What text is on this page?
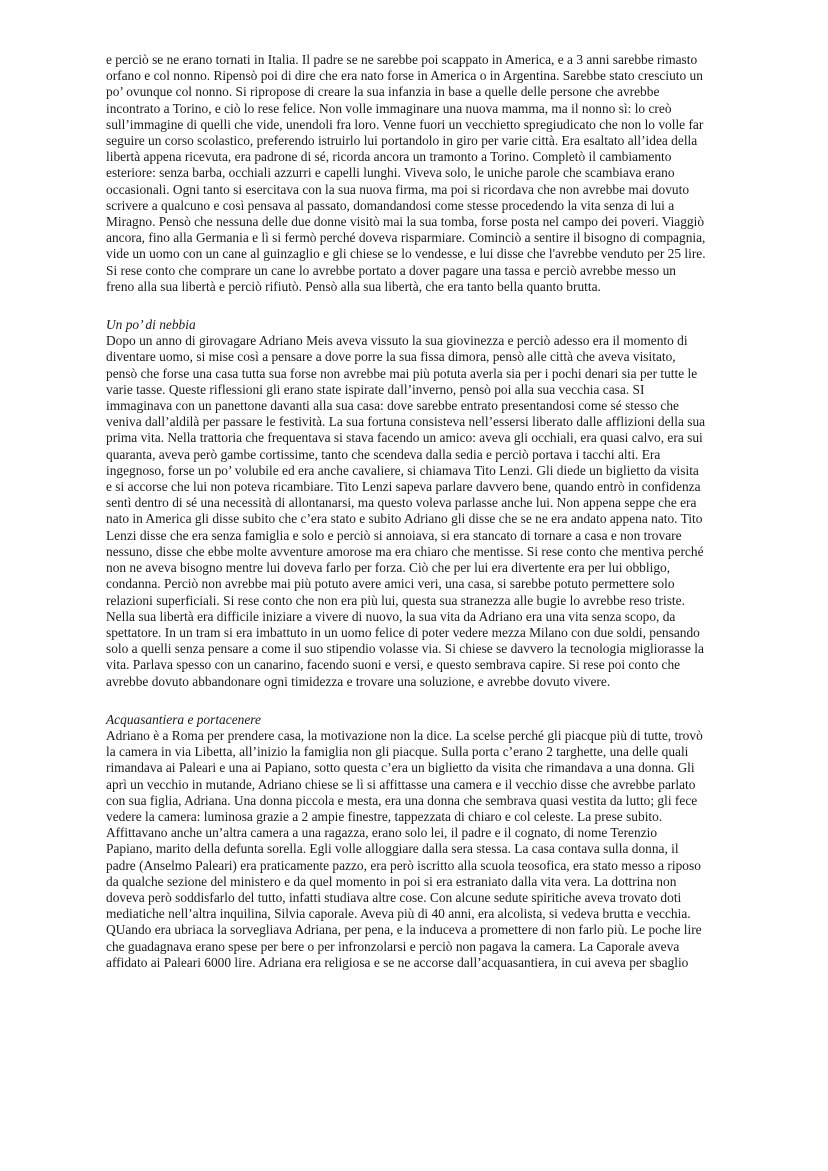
e perciò se ne erano tornati in Italia. Il padre se ne sarebbe poi scappato in America, e a 3 anni sarebbe rimasto orfano e col nonno. Ripensò poi di dire che era nato forse in America o in Argentina. Sarebbe stato cresciuto un po’ ovunque col nonno. Si ripropose di creare la sua infanzia in base a quelle delle persone che avrebbe incontrato a Torino, e ciò lo rese felice. Non volle immaginare una nuova mamma, ma il nonno sì: lo creò sull’immagine di quelli che vide, unendoli fra loro. Venne fuori un vecchietto spregiudicato che non lo volle far seguire un corso scolastico, preferendo istruirlo lui portandolo in giro per varie città. Era esaltato all’idea della libertà appena ricevuta, era padrone di sé, ricorda ancora un tramonto a Torino. Completò il cambiamento esteriore: senza barba, occhiali azzurri e capelli lunghi. Viveva solo, le uniche parole che scambiava erano occasionali. Ogni tanto si esercitava con la sua nuova firma, ma poi si ricordava che non avrebbe mai dovuto scrivere a qualcuno e così pensava al passato, domandandosi come stesse procedendo la vita senza di lui a Miragno. Pensò che nessuna delle due donne visitò mai la sua tomba, forse posta nel campo dei poveri. Viaggiò ancora, fino alla Germania e lì si fermò perché doveva risparmiare. Cominciò a sentire il bisogno di compagnia, vide un uomo con un cane al guinzaglio e gli chiese se lo vendesse, e lui disse che l'avrebbe venduto per 25 lire. Si rese conto che comprare un cane lo avrebbe portato a dover pagare una tassa e perciò avrebbe messo un freno alla sua libertà e perciò rifiutò. Pensò alla sua libertà, che era tanto bella quanto brutta.

Un po’ di nebbia

Dopo un anno di girovagare Adriano Meis aveva vissuto la sua giovinezza e perciò adesso era il momento di diventare uomo, si mise così a pensare a dove porre la sua fissa dimora, pensò alle città che aveva visitato, pensò che forse una casa tutta sua forse non avrebbe mai più potuta averla sia per i pochi denari sia per tutte le varie tasse. Queste riflessioni gli erano state ispirate dall’inverno, pensò poi alla sua vecchia casa. SI immaginava con un panettone davanti alla sua casa: dove sarebbe entrato presentandosi come sé stesso che veniva dall’aldilà per passare le festività. La sua fortuna consisteva nell’essersi liberato dalle afflizioni della sua prima vita. Nella trattoria che frequentava si stava facendo un amico: aveva gli occhiali, era quasi calvo, era sui quaranta, aveva però gambe cortissime, tanto che scendeva dalla sedia e perciò portava i tacchi alti. Era ingegnoso, forse un po’ volubile ed era anche cavaliere, si chiamava Tito Lenzi. Gli diede un biglietto da visita e si accorse che lui non poteva ricambiare. Tito Lenzi sapeva parlare davvero bene, quando entrò in confidenza sentì dentro di sé una necessità di allontanarsi, ma questo voleva parlasse anche lui. Non appena seppe che era nato in America gli disse subito che c’era stato e subito Adriano gli disse che se ne era andato appena nato. Tito Lenzi disse che era senza famiglia e solo e perciò si annoiava, si era stancato di tornare a casa e non trovare nessuno, disse che ebbe molte avventure amorose ma era chiaro che mentisse. Si rese conto che mentiva perché non ne aveva bisogno mentre lui doveva farlo per forza. Ciò che per lui era divertente era per lui obbligo, condanna. Perciò non avrebbe mai più potuto avere amici veri, una casa, si sarebbe potuto permettere solo relazioni superficiali. Si rese conto che non era più lui, questa sua stranezza alle bugie lo avrebbe reso triste. Nella sua libertà era difficile iniziare a vivere di nuovo, la sua vita da Adriano era una vita senza scopo, da spettatore. In un tram si era imbattuto in un uomo felice di poter vedere mezza Milano con due soldi, pensando solo a quelli senza pensare a come il suo stipendio volasse via. Si chiese se davvero la tecnologia migliorasse la vita. Parlava spesso con un canarino, facendo suoni e versi, e questo sembrava capire. Si rese poi conto che avrebbe dovuto abbandonare ogni timidezza e trovare una soluzione, e avrebbe dovuto vivere.

Acquasantiera e portacenere

Adriano è a Roma per prendere casa, la motivazione non la dice. La scelse perché gli piacque più di tutte, trovò la camera in via Libetta, all’inizio la famiglia non gli piacque. Sulla porta c’erano 2 targhette, una delle quali rimandava ai Paleari e una ai Papiano, sotto questa c’era un biglietto da visita che rimandava a una donna. Gli aprì un vecchio in mutande, Adriano chiese se lì si affittasse una camera e il vecchio disse che avrebbe parlato con sua figlia, Adriana. Una donna piccola e mesta, era una donna che sembrava quasi vestita da lutto; gli fece vedere la camera: luminosa grazie a 2 ampie finestre, tappezzata di chiaro e col celeste. La prese subito. Affittavano anche un’altra camera a una ragazza, erano solo lei, il padre e il cognato, di nome Terenzio Papiano, marito della defunta sorella. Egli volle alloggiare dalla sera stessa. La casa contava sulla donna, il padre (Anselmo Paleari) era praticamente pazzo, era però iscritto alla scuola teosofica, era stato messo a riposo da qualche sezione del ministero e da quel momento in poi si era estraniato dalla vita vera. La dottrina non doveva però soddisfarlo del tutto, infatti studiava altre cose. Con alcune sedute spiritiche aveva trovato doti mediatiche nell’altra inquilina, Silvia caporale. Aveva più di 40 anni, era alcolista, si vedeva brutta e vecchia. QUando era ubriaca la sorvegliava Adriana, per pena, e la induceva a promettere di non farlo più. Le poche lire che guadagnava erano spese per bere o per infronzolarsi e perciò non pagava la camera. La Caporale aveva affidato ai Paleari 6000 lire. Adriana era religiosa e se ne accorse dall’acquasantiera, in cui aveva per sbaglio
